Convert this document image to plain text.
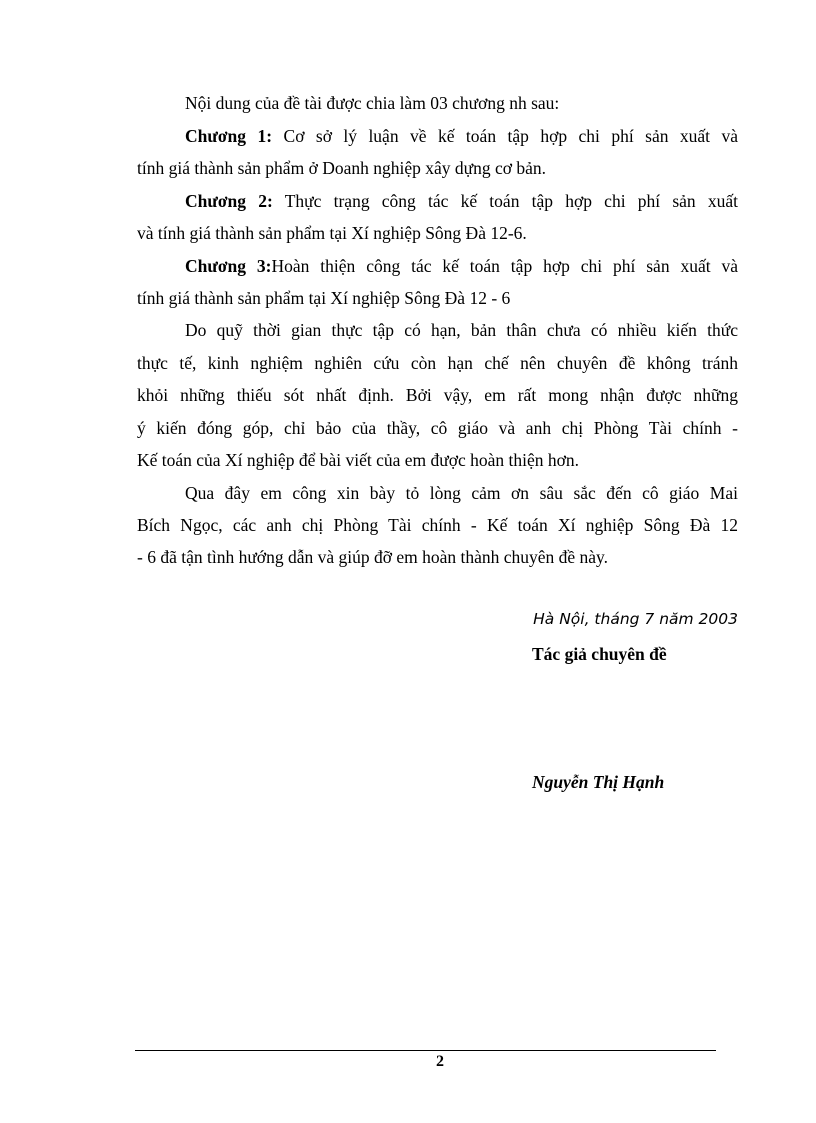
Nội dung của đề tài được chia làm 03 chương nh sau:
Chương 1: Cơ sở lý luận về kế toán tập hợp chi phí sản xuất và
tính giá thành sản phẩm ở Doanh nghiệp xây dựng cơ bản.
Chương 2: Thực trạng công tác kế toán tập hợp chi phí sản xuất
và tính giá thành sản phẩm tại Xí nghiệp Sông Đà 12-6.
Chương 3:Hoàn thiện công tác kế toán tập hợp chi phí sản xuất và
tính giá thành sản phẩm tại Xí nghiệp Sông Đà 12 - 6
Do quỹ thời gian thực tập có hạn, bản thân chưa có nhiều kiến thức
thực tế, kinh nghiệm nghiên cứu còn hạn chế nên chuyên đề không tránh
khỏi những thiếu sót nhất định. Bởi vậy, em rất mong nhận được những
ý kiến đóng góp, chỉ bảo của thầy, cô giáo và anh chị Phòng Tài chính -
Kế toán của Xí nghiệp để bài viết của em được hoàn thiện hơn.
Qua đây em công xin bày tỏ lòng cảm ơn sâu sắc đến cô giáo Mai
Bích Ngọc, các anh chị Phòng Tài chính - Kế toán Xí nghiệp Sông Đà 12
- 6 đã tận tình hướng dẫn và giúp đỡ em hoàn thành chuyên đề này.
Hà Nội, tháng 7 năm 2003
Tác giả chuyên đề
Nguyễn Thị Hạnh
2
